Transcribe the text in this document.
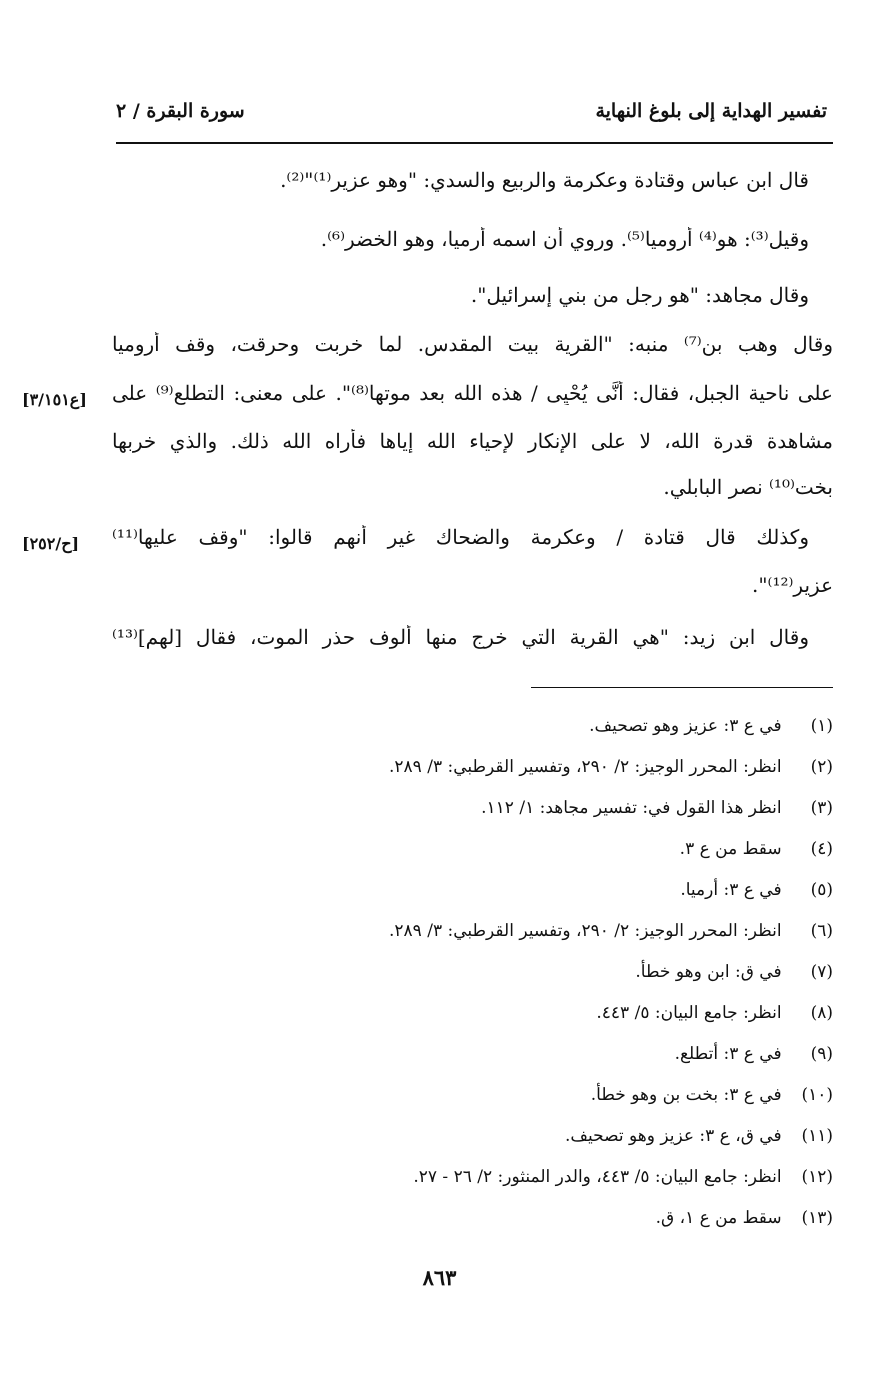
تفسير الهداية إلى بلوغ النهاية
سورة البقرة / ٢
قال ابن عباس وقتادة وعكرمة والربيع والسدي: "وهو عزير⁽¹⁾"⁽²⁾.
وقيل⁽³⁾: هو⁽⁴⁾ أروميا⁽⁵⁾. وروي أن اسمه أرميا، وهو الخضر⁽⁶⁾.
وقال مجاهد: "هو رجل من بني إسرائيل".
وقال وهب بن⁽⁷⁾ منبه: "القرية بيت المقدس. لما خربت وحرقت، وقف أروميا
على ناحية الجبل، فقال: أَنَّى يُحْيِى / هذه الله بعد موتها⁽⁸⁾". على معنى: التطلع⁽⁹⁾ على
مشاهدة قدرة الله، لا على الإنكار لإحياء الله إياها فأراه الله ذلك. والذي خربها
بخت⁽¹⁰⁾ نصر البابلي.
وكذلك قال قتادة / وعكرمة والضحاك غير أنهم قالوا: "وقف عليها⁽¹¹⁾
عزير⁽¹²⁾".
وقال ابن زيد: "هي القرية التي خرج منها ألوف حذر الموت، فقال [لهم]⁽¹³⁾
[ع٣/١٥١]
[ح/٢٥٢]
(١) في ع ٣: عزيز وهو تصحيف.
(٢) انظر: المحرر الوجيز: ٢/ ٢٩٠، وتفسير القرطبي: ٣/ ٢٨٩.
(٣) انظر هذا القول في: تفسير مجاهد: ١/ ١١٢.
(٤) سقط من ع ٣.
(٥) في ع ٣: أرميا.
(٦) انظر: المحرر الوجيز: ٢/ ٢٩٠، وتفسير القرطبي: ٣/ ٢٨٩.
(٧) في ق: ابن وهو خطأ.
(٨) انظر: جامع البيان: ٥/ ٤٤٣.
(٩) في ع ٣: أتطلع.
(١٠) في ع ٣: بخت بن وهو خطأ.
(١١) في ق، ع ٣: عزيز وهو تصحيف.
(١٢) انظر: جامع البيان: ٥/ ٤٤٣، والدر المنثور: ٢/ ٢٦ - ٢٧.
(١٣) سقط من ع ١، ق.
٨٦٣
